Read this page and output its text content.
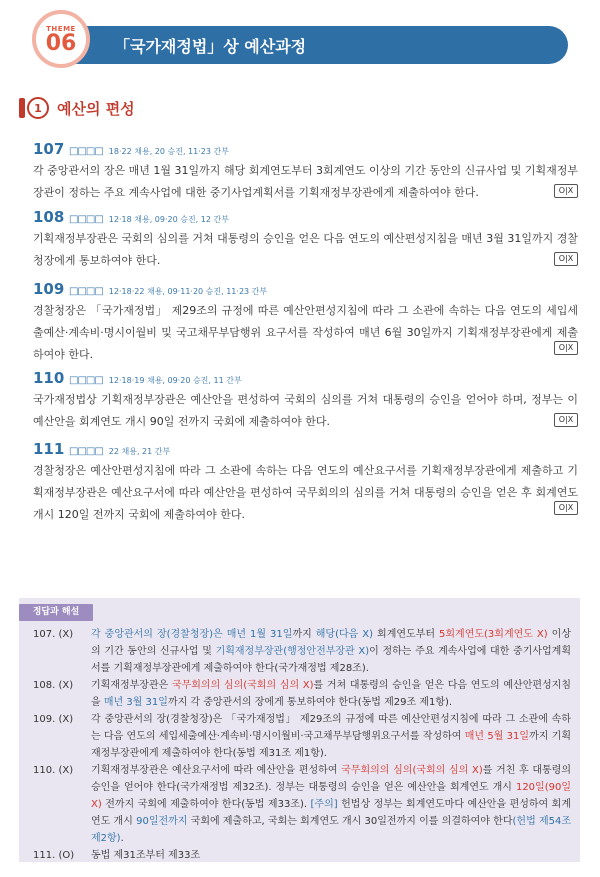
THEME
06 「국가재정법」상 예산과정
1	예산의 편성
107 □□□□ 18·22 채용, 20 승진, 11·23 간부
각 중앙관서의 장은 매년 1월 31일까지 해당 회계연도부터 3회계연도 이상의 기간 동안의 신규사업 및 기획재정부장관이 정하는 주요 계속사업에 대한 중기사업계획서를 기획재정부장관에게 제출하여야 한다.	O|X
108 □□□□ 12·18 채용, 09·20 승진, 12 간부
기획재정부장관은 국회의 심의를 거쳐 대통령의 승인을 얻은 다음 연도의 예산편성지침을 매년 3월 31일까지 경찰청장에게 통보하여야 한다.	O|X
109 □□□□ 12·18·22 채용, 09·11·20 승진, 11·23 간부
경찰청장은 「국가재정법」 제29조의 규정에 따른 예산안편성지침에 따라 그 소관에 속하는 다음 연도의 세입세출예산·계속비·명시이월비 및 국고채무부담행위 요구서를 작성하여 매년 6월 30일까지 기획재정부장관에게 제출하여야 한다.
O|X
110 □□□□ 12·18·19 채용, 09·20 승진, 11 간부
국가재정법상 기획재정부장관은 예산안을 편성하여 국회의 심의를 거쳐 대통령의 승인을 얻어야 하며, 정부는 이 예산안을 회계연도 개시 90일 전까지 국회에 제출하여야 한다.	O|X
111 □□□□ 22 채용, 21 간부
경찰청장은 예산안편성지침에 따라 그 소관에 속하는 다음 연도의 예산요구서를 기획재정부장관에게 제출하고 기획재정부장관은 예산요구서에 따라 예산안을 편성하여 국무회의의 심의를 거쳐 대통령의 승인을 얻은 후 회계연도 개시 120일 전까지 국회에 제출하여야 한다.
O|X
정답과 해설
107. (X)	각 중앙관서의 장(경찰청장)은 매년 1월 31일까지 해당(다음 X) 회계연도부터 5회계연도(3회계연도 X) 이상의 기간 동안의 신규사업 및 기획재정부장관(행정안전부장관 X)이 정하는 주요 계속사업에 대한 중기사업계획서를 기획재정부장관에게 제출하여야 한다(국가재정법 제28조).
108. (X)	기획재정부장관은 국무회의의 심의(국회의 심의 X)를 거쳐 대통령의 승인을 얻은 다음 연도의 예산안편성지침을 매년 3월 31일까지 각 중앙관서의 장에게 통보하여야 한다(동법 제29조 제1항).
109. (X)	각 중앙관서의 장(경찰청장)은 「국가재정법」 제29조의 규정에 따른 예산안편성지침에 따라 그 소관에 속하는 다음 연도의 세입세출예산·계속비·명시이월비·국고채무부담행위요구서를 작성하여 매년 5월 31일까지 기획재정부장관에게 제출하여야 한다(동법 제31조 제1항).
110. (X)	기획재정부장관은 예산요구서에 따라 예산안을 편성하여 국무회의의 심의(국회의 심의 X)를 거친 후 대통령의 승인을 얻어야 한다(국가재정법 제32조). 정부는 대통령의 승인을 얻은 예산안을 회계연도 개시 120일(90일 X) 전까지 국회에 제출하여야 한다(동법 제33조). [주의] 헌법상 정부는 회계연도마다 예산안을 편성하여 회계연도 개시 90일전까지 국회에 제출하고, 국회는 회계연도 개시 30일전까지 이를 의결하여야 한다(헌법 제54조 제2항).
111. (O)	동법 제31조부터 제33조
